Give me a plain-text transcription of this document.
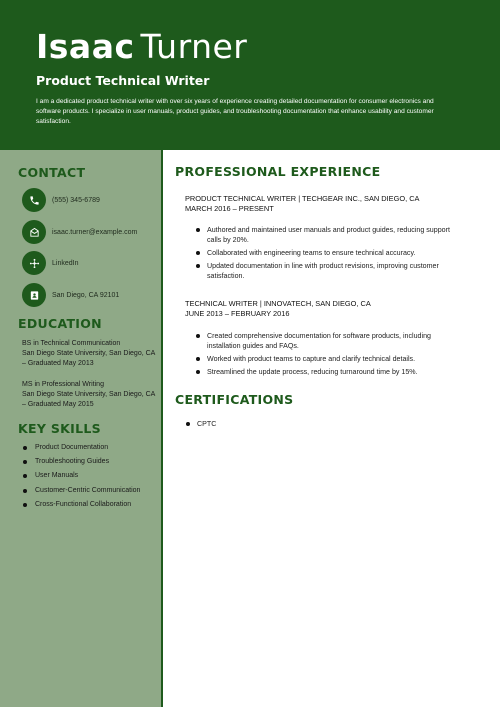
Isaac Turner
Product Technical Writer
I am a dedicated product technical writer with over six years of experience creating detailed documentation for consumer electronics and software products. I specialize in user manuals, product guides, and troubleshooting documentation that enhance usability and customer satisfaction.
CONTACT
(555) 345-6789
isaac.turner@example.com
LinkedIn
San Diego, CA 92101
EDUCATION
BS in Technical Communication
San Diego State University, San Diego, CA – Graduated May 2013
MS in Professional Writing
San Diego State University, San Diego, CA – Graduated May 2015
KEY SKILLS
Product Documentation
Troubleshooting Guides
User Manuals
Customer-Centric Communication
Cross-Functional Collaboration
PROFESSIONAL EXPERIENCE
PRODUCT TECHNICAL WRITER | TECHGEAR INC., SAN DIEGO, CA
MARCH 2016 – PRESENT
Authored and maintained user manuals and product guides, reducing support calls by 20%.
Collaborated with engineering teams to ensure technical accuracy.
Updated documentation in line with product revisions, improving customer satisfaction.
TECHNICAL WRITER | INNOVATECH, SAN DIEGO, CA
JUNE 2013 – FEBRUARY 2016
Created comprehensive documentation for software products, including installation guides and FAQs.
Worked with product teams to capture and clarify technical details.
Streamlined the update process, reducing turnaround time by 15%.
CERTIFICATIONS
CPTC
